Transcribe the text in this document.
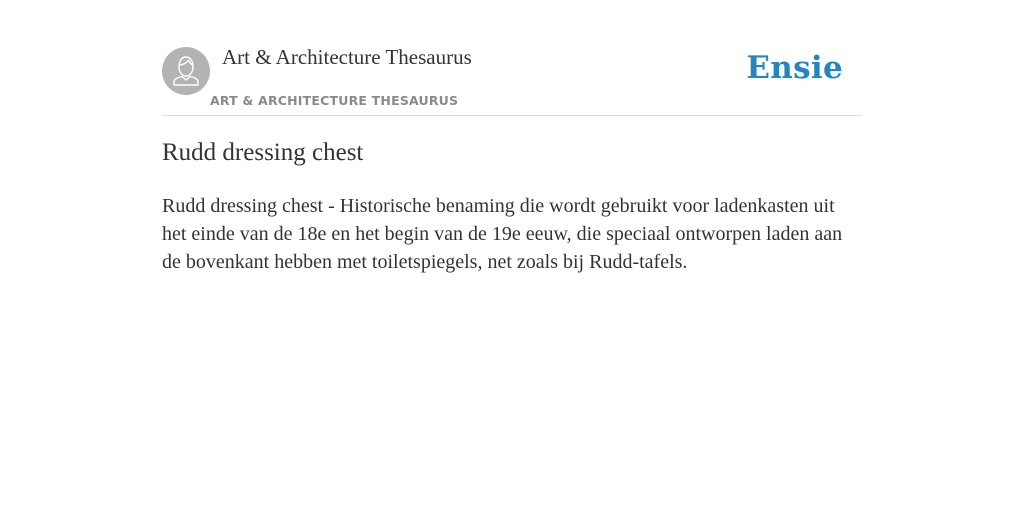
Art & Architecture Thesaurus
ART & ARCHITECTURE THESAURUS
Ensie
Rudd dressing chest

Rudd dressing chest - Historische benaming die wordt gebruikt voor ladenkasten uit het einde van de 18e en het begin van de 19e eeuw, die speciaal ontworpen laden aan de bovenkant hebben met toiletspiegels, net zoals bij Rudd-tafels.
